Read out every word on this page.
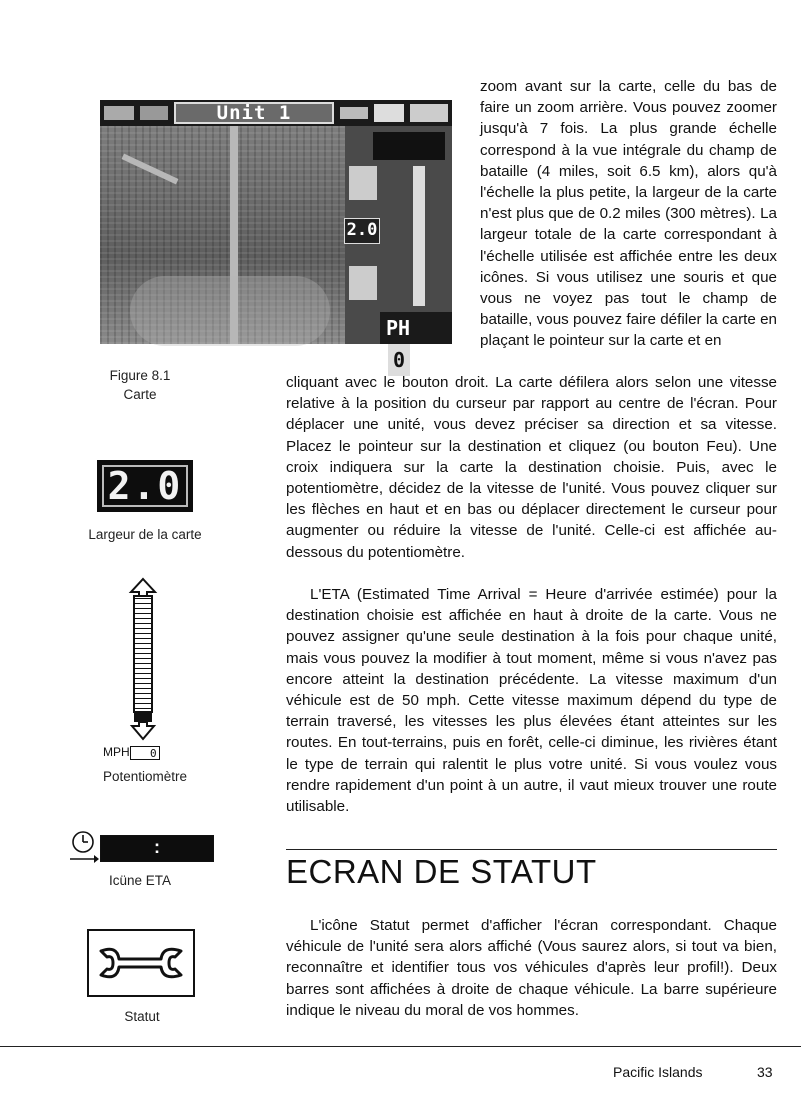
Unit 1
2.0
PH 0
Figure 8.1
Carte
2.0
Largeur de la carte
MPH 0
Potentiomètre
:
Icüne ETA
Statut

zoom avant sur la carte, celle du bas de faire un zoom arrière. Vous pouvez zoomer jusqu'à 7 fois. La plus grande échelle correspond à la vue intégrale du champ de bataille (4 miles, soit 6.5 km), alors qu'à l'échelle la plus petite, la largeur de la carte n'est plus que de 0.2 miles (300 mètres). La largeur totale de la carte correspondant à l'échelle utilisée est affichée entre les deux icônes. Si vous utilisez une souris et que vous ne voyez pas tout le champ de bataille, vous pouvez faire défiler la carte en plaçant le pointeur sur la carte et en

cliquant avec le bouton droit. La carte défilera alors selon une vitesse relative à la position du curseur par rapport au centre de l'écran. Pour déplacer une unité, vous devez préciser sa direction et sa vitesse. Placez le pointeur sur la destination et cliquez (ou bouton Feu). Une croix indiquera sur la carte la destination choisie. Puis, avec le potentiomètre, décidez de la vitesse de l'unité. Vous pouvez cliquer sur les flèches en haut et en bas ou déplacer directement le curseur pour augmenter ou réduire la vitesse de l'unité. Celle-ci est affichée au-dessous du potentiomètre.

L'ETA (Estimated Time Arrival = Heure d'arrivée estimée) pour la destination choisie est affichée en haut à droite de la carte. Vous ne pouvez assigner qu'une seule destination à la fois pour chaque unité, mais vous pouvez la modifier à tout moment, même si vous n'avez pas encore atteint la destination précédente. La vitesse maximum d'un véhicule est de 50 mph. Cette vitesse maximum dépend du type de terrain traversé, les vitesses les plus élevées étant atteintes sur les routes. En tout-terrains, puis en forêt, celle-ci diminue, les rivières étant le type de terrain qui ralentit le plus votre unité. Si vous voulez vous rendre rapidement d'un point à un autre, il vaut mieux trouver une route utilisable.

ECRAN DE STATUT

L'icône Statut permet d'afficher l'écran correspondant. Chaque véhicule de l'unité sera alors affiché (Vous saurez alors, si tout va bien, reconnaître et identifier tous vos véhicules d'après leur profil!). Deux barres sont affichées à droite de chaque véhicule. La barre supérieure indique le niveau du moral de vos hommes.

Pacific Islands	33
